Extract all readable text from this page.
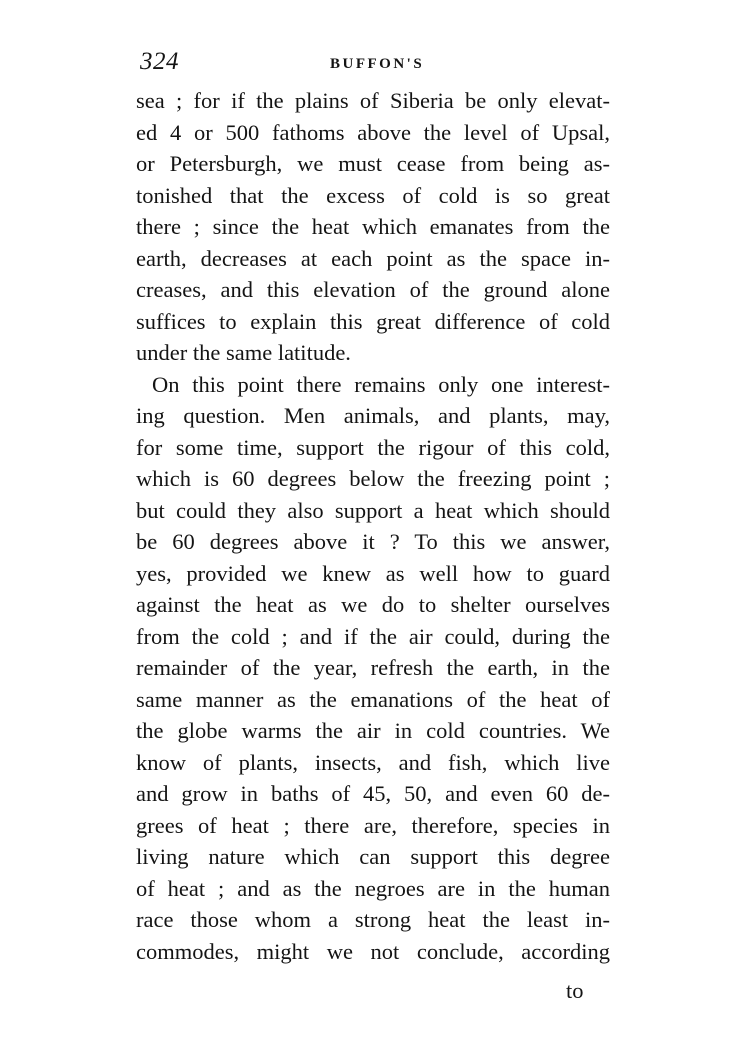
324	BUFFON'S
sea ; for if the plains of Siberia be only elevat-
ed 4 or 500 fathoms above the level of Upsal,
or Petersburgh, we must cease from being as-
tonished that the excess of cold is so great
there ; since the heat which emanates from the
earth, decreases at each point as the space in-
creases, and this elevation of the ground alone
suffices to explain this great difference of cold
under the same latitude.
On this point there remains only one interest-
ing question. Men animals, and plants, may,
for some time, support the rigour of this cold,
which is 60 degrees below the freezing point ;
but could they also support a heat which should
be 60 degrees above it ? To this we answer,
yes, provided we knew as well how to guard
against the heat as we do to shelter ourselves
from the cold ; and if the air could, during the
remainder of the year, refresh the earth, in the
same manner as the emanations of the heat of
the globe warms the air in cold countries. We
know of plants, insects, and fish, which live
and grow in baths of 45, 50, and even 60 de-
grees of heat ; there are, therefore, species in
living nature which can support this degree
of heat ; and as the negroes are in the human
race those whom a strong heat the least in-
commodes, might we not conclude, according
to
